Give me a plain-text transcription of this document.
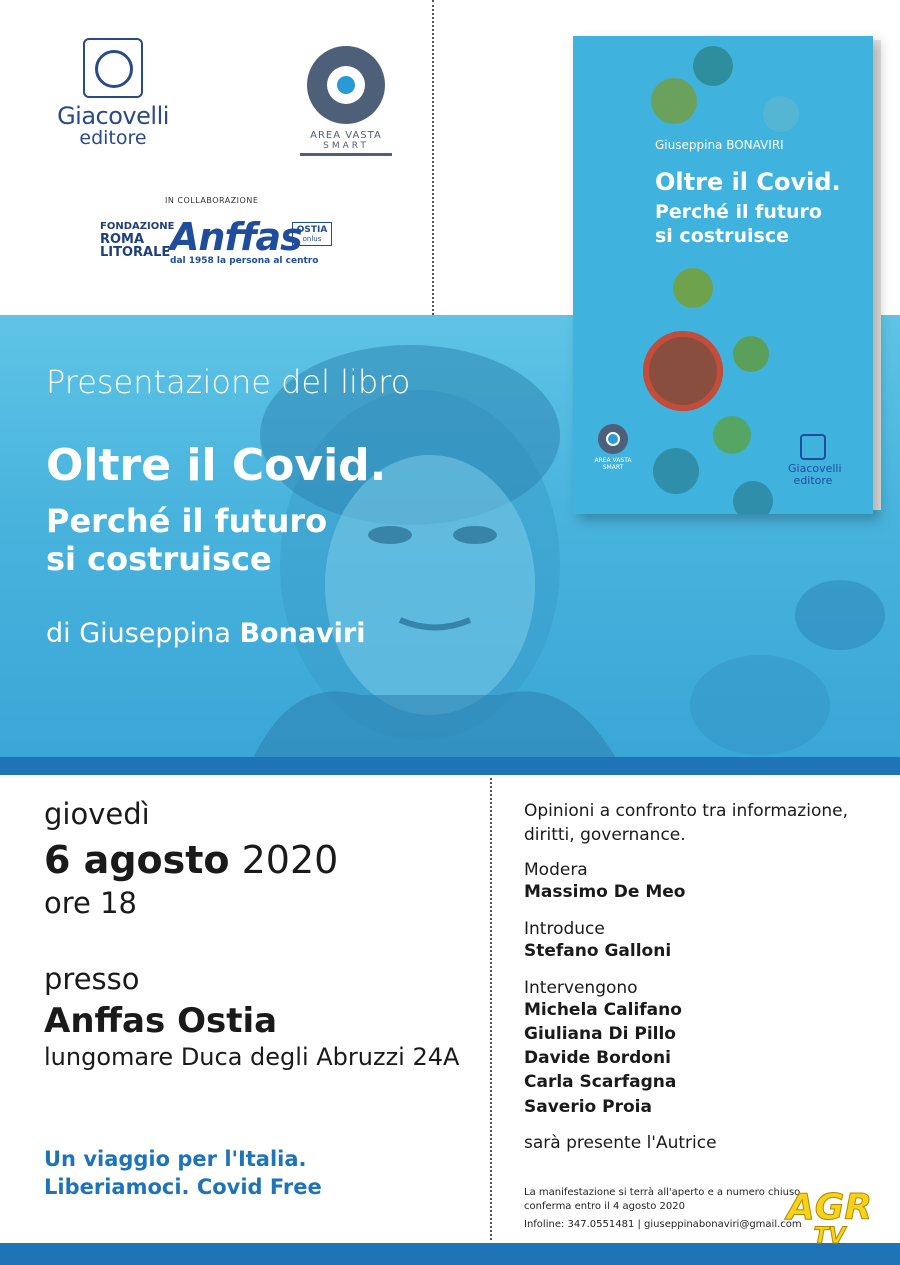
Giacovelli
editore	AREA VASTA
SMART
IN COLLABORAZIONE
FONDAZIONE
ROMA
LITORALE Anffas
dal 1958 la persona al centro
OSTIA
onlus
Presentazione del libro
Oltre il Covid.
Perché il futuro
si costruisce
di Giuseppina Bonaviri
Giuseppina BONAVIRI
Oltre il Covid.
Perché il futuro
si costruisce
AREA VASTA
SMART	Giacovelli
editore
giovedì
6 agosto 2020
ore 18
presso
Anffas Ostia
lungomare Duca degli Abruzzi 24A
Un viaggio per l'Italia.
Liberiamoci. Covid Free
Opinioni a confronto tra informazione, diritti, governance.
Modera
Massimo De Meo
Introduce
Stefano Galloni
Intervengono
Michela Califano
Giuliana Di Pillo
Davide Bordoni
Carla Scarfagna
Saverio Proia
sarà presente l'Autrice
La manifestazione si terrà all'aperto e a numero chiuso
conferma entro il 4 agosto 2020
Infoline: 347.0551481 | giuseppinabonaviri@gmail.com
AGR
TV
